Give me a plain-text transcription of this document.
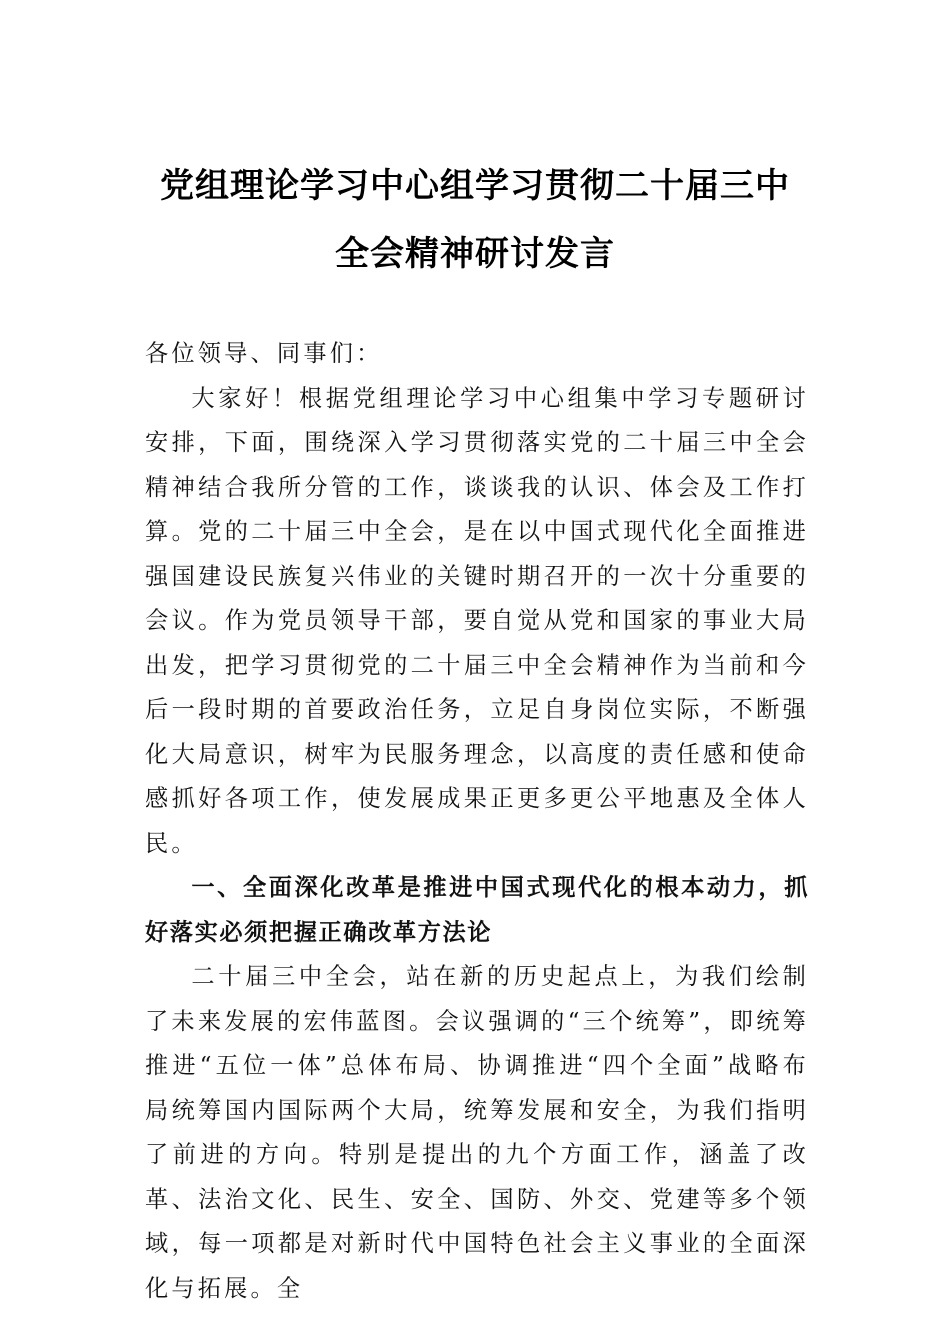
党组理论学习中心组学习贯彻二十届三中
全会精神研讨发言

各位领导、同事们：

大家好！根据党组理论学习中心组集中学习专题研讨安排，下面，围绕深入学习贯彻落实党的二十届三中全会精神结合我所分管的工作，谈谈我的认识、体会及工作打算。党的二十届三中全会，是在以中国式现代化全面推进强国建设民族复兴伟业的关键时期召开的一次十分重要的会议。作为党员领导干部，要自觉从党和国家的事业大局出发，把学习贯彻党的二十届三中全会精神作为当前和今后一段时期的首要政治任务，立足自身岗位实际，不断强化大局意识，树牢为民服务理念，以高度的责任感和使命感抓好各项工作，使发展成果正更多更公平地惠及全体人民。

一、全面深化改革是推进中国式现代化的根本动力，抓好落实必须把握正确改革方法论

二十届三中全会，站在新的历史起点上，为我们绘制了未来发展的宏伟蓝图。会议强调的“三个统筹”，即统筹推进“五位一体”总体布局、协调推进“四个全面”战略布局统筹国内国际两个大局，统筹发展和安全，为我们指明了前进的方向。特别是提出的九个方面工作，涵盖了改革、法治文化、民生、安全、国防、外交、党建等多个领域，每一项都是对新时代中国特色社会主义事业的全面深化与拓展。全
